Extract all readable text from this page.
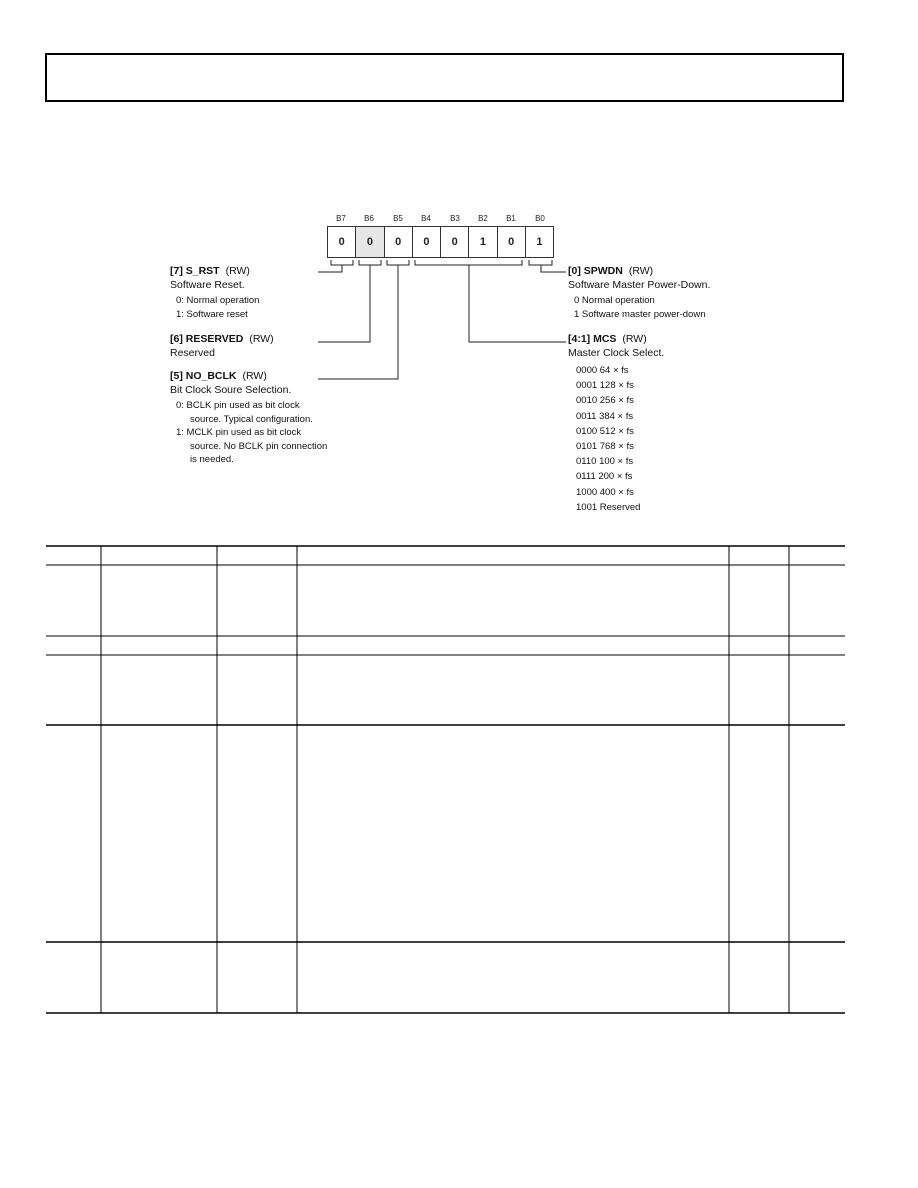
B7	B6	B5	B4	B3	B2	B1	B0
0	0	0	0	0	1	0	1
[7] S_RST (RW)
Software Reset.
0: Normal operation
1: Software reset
[6] RESERVED (RW)
Reserved
[5] NO_BCLK (RW)
Bit Clock Soure Selection.
0: BCLK pin used as bit clock
source. Typical configuration.
1: MCLK pin used as bit clock
source. No BCLK pin connection
is needed.
[0] SPWDN (RW)
Software Master Power-Down.
0 Normal operation
1 Software master power-down
[4:1] MCS (RW)
Master Clock Select.
0000 64 × fs
0001 128 × fs
0010 256 × fs
0011 384 × fs
0100 512 × fs
0101 768 × fs
0110 100 × fs
0111 200 × fs
1000 400 × fs
1001 Reserved
